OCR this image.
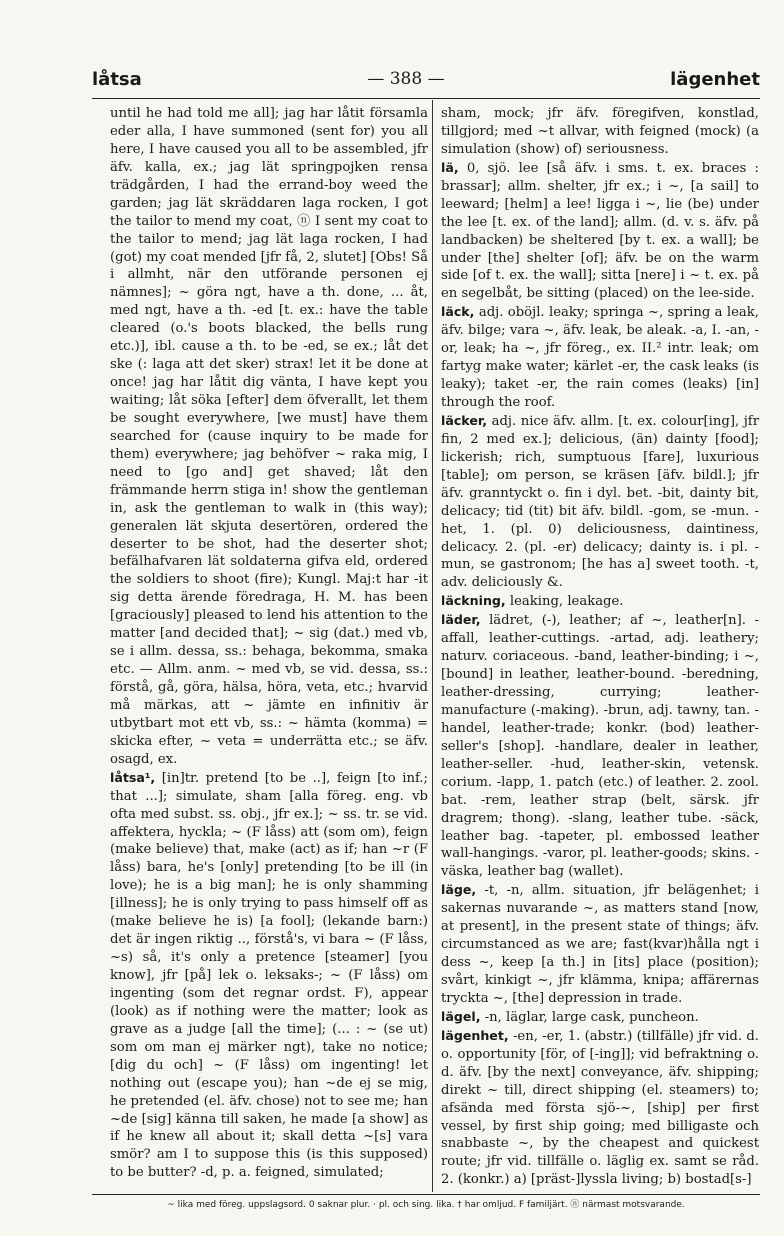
låtsa	— 388 —	lägenhet

until he had told me all]; jag har låtit församla eder alla, I have summoned (sent for) you all here, I have caused you all to be assembled, jfr äfv. kalla, ex.; jag lät springpojken rensa trädgården, I had the errand-boy weed the garden; jag lät skräddaren laga rocken, I got the tailor to mend my coat, ⓝ I sent my coat to the tailor to mend; jag lät laga rocken, I had (got) my coat mended [jfr få, 2, slutet] [Obs! Så i allmht, när den utförande personen ej nämnes]; ~ göra ngt, have a th. done, ... åt, med ngt, have a th. -ed [t. ex.: have the table cleared (o.'s boots blacked, the bells rung etc.)], ibl. cause a th. to be -ed, se ex.; låt det ske (: laga att det sker) strax! let it be done at once! jag har låtit dig vänta, I have kept you waiting; låt söka [efter] dem öfverallt, let them be sought everywhere, [we must] have them searched for (cause inquiry to be made for them) everywhere; jag behöfver ~ raka mig, I need to [go and] get shaved; låt den främmande herrn stiga in! show the gentleman in, ask the gentleman to walk in (this way); generalen lät skjuta desertören, ordered the deserter to be shot, had the deserter shot; befälhafvaren lät soldaterna gifva eld, ordered the soldiers to shoot (fire); Kungl. Maj:t har -it sig detta ärende föredraga, H. M. has been [graciously] pleased to lend his attention to the matter [and decided that]; ~ sig (dat.) med vb, se i allm. dessa, ss.: behaga, bekomma, smaka etc. — Allm. anm. ~ med vb, se vid. dessa, ss.: förstå, gå, göra, hälsa, höra, veta, etc.; hvarvid må märkas, att ~ jämte en infinitiv är utbytbart mot ett vb, ss.: ~ hämta (komma) = skicka efter, ~ veta = underrätta etc.; se äfv. osagd, ex.

låtsa¹, [in]tr. pretend [to be ..], feign [to inf.; that ...]; simulate, sham [alla föreg. eng. vb ofta med subst. ss. obj., jfr ex.]; ~ ss. tr. se vid. affektera, hyckla; ~ (F låss) att (som om), feign (make believe) that, make (act) as if; han ~r (F låss) bara, he's [only] pretending [to be ill (in love); he is a big man]; he is only shamming [illness]; he is only trying to pass himself off as (make believe he is) [a fool]; (lekande barn:) det är ingen riktig .., förstå's, vi bara ~ (F låss, ~s) så, it's only a pretence [steamer] [you know], jfr [på] lek o. leksaks-; ~ (F låss) om ingenting (som det regnar ordst. F), appear (look) as if nothing were the matter; look as grave as a judge [all the time]; (... : ~ (se ut) som om man ej märker ngt), take no notice; [dig du och] ~ (F låss) om ingenting! let nothing out (escape you); han ~de ej se mig, he pretended (el. äfv. chose) not to see me; han ~de [sig] känna till saken, he made [a show] as if he knew all about it; skall detta ~[s] vara smör? am I to suppose this (is this supposed) to be butter? -d, p. a. feigned, simulated;

sham, mock; jfr äfv. föregifven, konstlad, tillgjord; med ~t allvar, with feigned (mock) (a simulation (show) of) seriousness.

lä, 0, sjö. lee [så äfv. i sms. t. ex. braces : brassar]; allm. shelter, jfr ex.; i ~, [a sail] to leeward; [helm] a lee! ligga i ~, lie (be) under the lee [t. ex. of the land]; allm. (d. v. s. äfv. på landbacken) be sheltered [by t. ex. a wall]; be under [the] shelter [of]; äfv. be on the warm side [of t. ex. the wall]; sitta [nere] i ~ t. ex. på en segelbåt, be sitting (placed) on the lee-side.

läck, adj. oböjl. leaky; springa ~, spring a leak, äfv. bilge; vara ~, äfv. leak, be aleak. -a, I. -an, -or, leak; ha ~, jfr föreg., ex. II.² intr. leak; om fartyg make water; kärlet -er, the cask leaks (is leaky); taket -er, the rain comes (leaks) [in] through the roof.

läcker, adj. nice äfv. allm. [t. ex. colour[ing], jfr fin, 2 med ex.]; delicious, (än) dainty [food]; lickerish; rich, sumptuous [fare], luxurious [table]; om person, se kräsen [äfv. bildl.]; jfr äfv. granntyckt o. fin i dyl. bet. -bit, dainty bit, delicacy; tid (tit) bit äfv. bildl. -gom, se -mun. -het, 1. (pl. 0) deliciousness, daintiness, delicacy. 2. (pl. -er) delicacy; dainty is. i pl. -mun, se gastronom; [he has a] sweet tooth. -t, adv. deliciously &.

läckning, leaking, leakage.

läder, lädret, (-), leather; af ~, leather[n]. -affall, leather-cuttings. -artad, adj. leathery; naturv. coriaceous. -band, leather-binding; i ~, [bound] in leather, leather-bound. -beredning, leather-dressing, currying; leather-manufacture (-making). -brun, adj. tawny, tan. -handel, leather-trade; konkr. (bod) leather-seller's [shop]. -handlare, dealer in leather, leather-seller. -hud, leather-skin, vetensk. corium. -lapp, 1. patch (etc.) of leather. 2. zool. bat. -rem, leather strap (belt, särsk. jfr dragrem; thong). -slang, leather tube. -säck, leather bag. -tapeter, pl. embossed leather wall-hangings. -varor, pl. leather-goods; skins. -väska, leather bag (wallet).

läge, -t, -n, allm. situation, jfr belägenhet; i sakernas nuvarande ~, as matters stand [now, at present], in the present state of things; äfv. circumstanced as we are; fast(kvar)hålla ngt i dess ~, keep [a th.] in [its] place (position); svårt, kinkigt ~, jfr klämma, knipa; affärernas tryckta ~, [the] depression in trade.

lägel, -n, läglar, large cask, puncheon.

lägenhet, -en, -er, 1. (abstr.) (tillfälle) jfr vid. d. o. opportunity [för, of [-ing]]; vid befraktning o. d. äfv. [by the next] conveyance, äfv. shipping; direkt ~ till, direct shipping (el. steamers) to; afsända med första sjö-~, [ship] per first vessel, by first ship going; med billigaste och snabbaste ~, by the cheapest and quickest route; jfr vid. tillfälle o. läglig ex. samt se råd. 2. (konkr.) a) [präst-]lyssla living; b) bostad[s-]

~ lika med föreg. uppslagsord. 0 saknar plur. · pl. och sing. lika. † har omljud. F familjärt. ⓝ närmast motsvarande.
